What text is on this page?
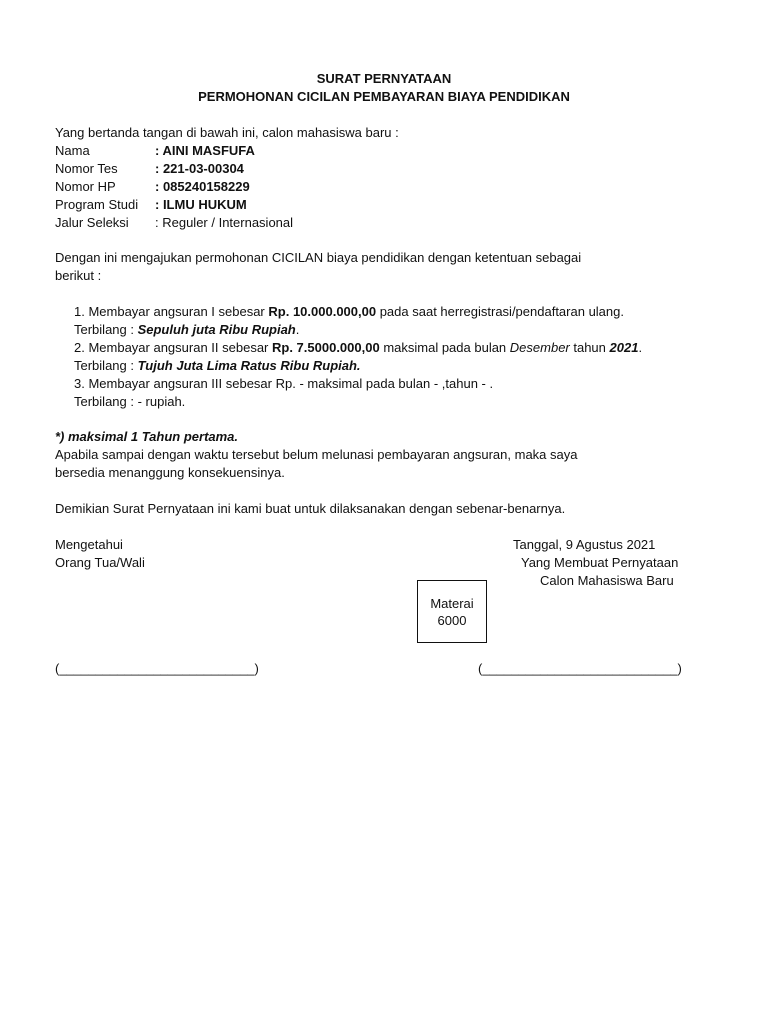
SURAT PERNYATAAN
PERMOHONAN CICILAN PEMBAYARAN BIAYA PENDIDIKAN
Yang bertanda tangan di bawah ini, calon mahasiswa baru :
Nama	: AINI MASFUFA
Nomor Tes	: 221-03-00304
Nomor HP	: 085240158229
Program Studi : ILMU HUKUM
Jalur Seleksi : Reguler / Internasional
Dengan ini mengajukan permohonan CICILAN biaya pendidikan dengan ketentuan sebagai
berikut :
1. Membayar angsuran I sebesar Rp. 10.000.000,00 pada saat herregistrasi/pendaftaran ulang.
Terbilang : Sepuluh juta Ribu Rupiah.
2. Membayar angsuran II sebesar Rp. 7.5000.000,00 maksimal pada bulan Desember tahun 2021.
Terbilang : Tujuh Juta Lima Ratus Ribu Rupiah.
3. Membayar angsuran III sebesar Rp. - maksimal pada bulan - ,tahun - .
Terbilang : - rupiah.
*) maksimal 1 Tahun pertama.
Apabila sampai dengan waktu tersebut belum melunasi pembayaran angsuran, maka saya
bersedia menanggung konsekuensinya.
Demikian Surat Pernyataan ini kami buat untuk dilaksanakan dengan sebenar-benarnya.
Mengetahui
Orang Tua/Wali
Tanggal, 9 Agustus 2021
Yang Membuat Pernyataan
Calon Mahasiswa Baru
Materai
6000
(___________________________)	(___________________________)
